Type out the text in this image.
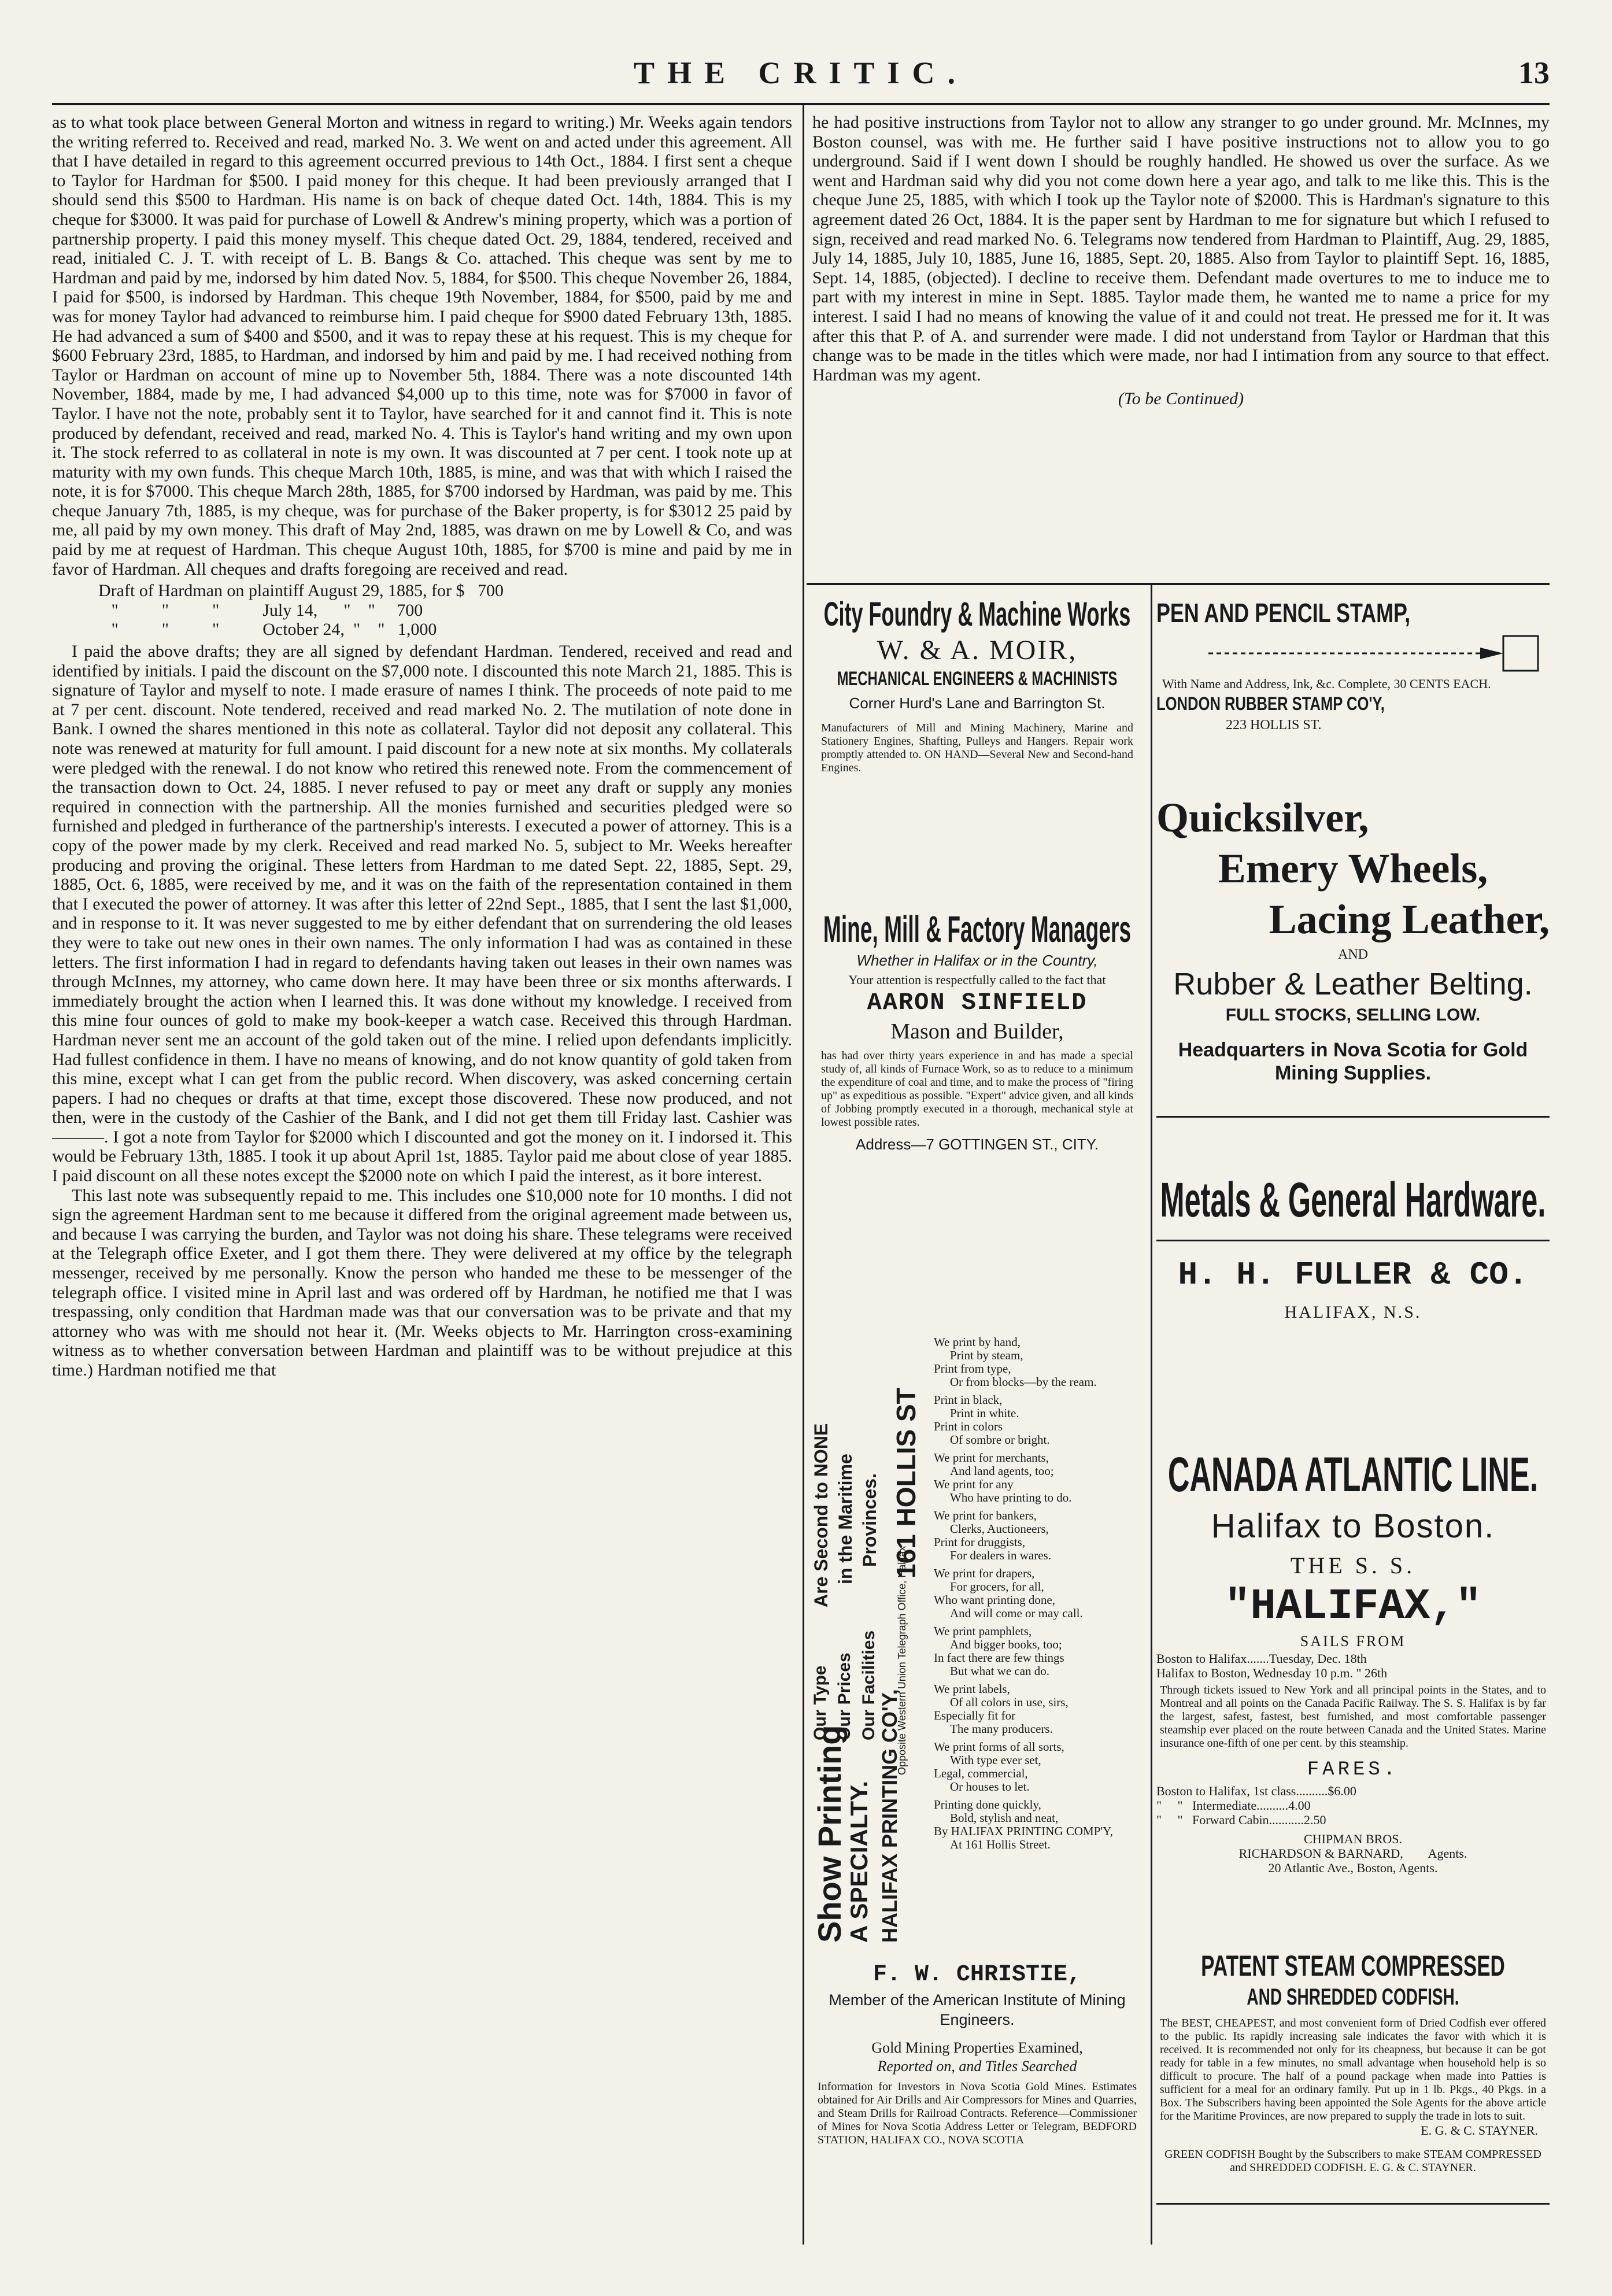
THE CRITIC.	13

as to what took place between General Morton and witness in regard to writing.) Mr. Weeks again tendors the writing referred to. Received and read, marked No. 3. We went on and acted under this agreement. All that I have detailed in regard to this agreement occurred previous to 14th Oct., 1884. I first sent a cheque to Taylor for Hardman for $500. I paid money for this cheque. It had been previously arranged that I should send this $500 to Hardman. His name is on back of cheque dated Oct. 14th, 1884. This is my cheque for $3000. It was paid for purchase of Lowell & Andrew's mining property, which was a portion of partnership property. I paid this money myself. This cheque dated Oct. 29, 1884, tendered, received and read, initialed C. J. T. with receipt of L. B. Bangs & Co. attached. This cheque was sent by me to Hardman and paid by me, indorsed by him dated Nov. 5, 1884, for $500. This cheque November 26, 1884, I paid for $500, is indorsed by Hardman. This cheque 19th November, 1884, for $500, paid by me and was for money Taylor had advanced to reimburse him. I paid cheque for $900 dated February 13th, 1885. He had advanced a sum of $400 and $500, and it was to repay these at his request. This is my cheque for $600 February 23rd, 1885, to Hardman, and indorsed by him and paid by me. I had received nothing from Taylor or Hardman on account of mine up to November 5th, 1884. There was a note discounted 14th November, 1884, made by me, I had advanced $4,000 up to this time, note was for $7000 in favor of Taylor. I have not the note, probably sent it to Taylor, have searched for it and cannot find it. This is note produced by defendant, received and read, marked No. 4. This is Taylor's hand writing and my own upon it. The stock referred to as collateral in note is my own. It was discounted at 7 per cent. I took note up at maturity with my own funds. This cheque March 10th, 1885, is mine, and was that with which I raised the note, it is for $7000. This cheque March 28th, 1885, for $700 indorsed by Hardman, was paid by me. This cheque January 7th, 1885, is my cheque, was for purchase of the Baker property, is for $3012 25 paid by me, all paid by my own money. This draft of May 2nd, 1885, was drawn on me by Lowell & Co, and was paid by me at request of Hardman. This cheque August 10th, 1885, for $700 is mine and paid by me in favor of Hardman. All cheques and drafts foregoing are received and read.

Draft of Hardman on plaintiff August 29, 1885, for $   700
"          "          "          July 14,      "    "     700
"          "          "          October 24,  "    "   1,000

I paid the above drafts; they are all signed by defendant Hardman. Tendered, received and read and identified by initials. I paid the discount on the $7,000 note. I discounted this note March 21, 1885. This is signature of Taylor and myself to note. I made erasure of names I think. The proceeds of note paid to me at 7 per cent. discount. Note tendered, received and read marked No. 2. The mutilation of note done in Bank. I owned the shares mentioned in this note as collateral. Taylor did not deposit any collateral. This note was renewed at maturity for full amount. I paid discount for a new note at six months. My collaterals were pledged with the renewal. I do not know who retired this renewed note. From the commencement of the transaction down to Oct. 24, 1885. I never refused to pay or meet any draft or supply any monies required in connection with the partnership. All the monies furnished and securities pledged were so furnished and pledged in furtherance of the partnership's interests. I executed a power of attorney. This is a copy of the power made by my clerk. Received and read marked No. 5, subject to Mr. Weeks hereafter producing and proving the original. These letters from Hardman to me dated Sept. 22, 1885, Sept. 29, 1885, Oct. 6, 1885, were received by me, and it was on the faith of the representation contained in them that I executed the power of attorney. It was after this letter of 22nd Sept., 1885, that I sent the last $1,000, and in response to it. It was never suggested to me by either defendant that on surrendering the old leases they were to take out new ones in their own names. The only information I had was as contained in these letters. The first information I had in regard to defendants having taken out leases in their own names was through McInnes, my attorney, who came down here. It may have been three or six months afterwards. I immediately brought the action when I learned this. It was done without my knowledge. I received from this mine four ounces of gold to make my book-keeper a watch case. Received this through Hardman. Hardman never sent me an account of the gold taken out of the mine. I relied upon defendants implicitly. Had fullest confidence in them. I have no means of knowing, and do not know quantity of gold taken from this mine, except what I can get from the public record. When discovery, was asked concerning certain papers. I had no cheques or drafts at that time, except those discovered. These now produced, and not then, were in the custody of the Cashier of the Bank, and I did not get them till Friday last. Cashier was———. I got a note from Taylor for $2000 which I discounted and got the money on it. I indorsed it. This would be February 13th, 1885. I took it up about April 1st, 1885. Taylor paid me about close of year 1885. I paid discount on all these notes except the $2000 note on which I paid the interest, as it bore interest.

This last note was subsequently repaid to me. This includes one $10,000 note for 10 months. I did not sign the agreement Hardman sent to me because it differed from the original agreement made between us, and because I was carrying the burden, and Taylor was not doing his share. These telegrams were received at the Telegraph office Exeter, and I got them there. They were delivered at my office by the telegraph messenger, received by me personally. Know the person who handed me these to be messenger of the telegraph office. I visited mine in April last and was ordered off by Hardman, he notified me that I was trespassing, only condition that Hardman made was that our conversation was to be private and that my attorney who was with me should not hear it. (Mr. Weeks objects to Mr. Harrington cross-examining witness as to whether conversation between Hardman and plaintiff was to be without prejudice at this time.) Hardman notified me that

he had positive instructions from Taylor not to allow any stranger to go under ground. Mr. McInnes, my Boston counsel, was with me. He further said I have positive instructions not to allow you to go underground. Said if I went down I should be roughly handled. He showed us over the surface. As we went and Hardman said why did you not come down here a year ago, and talk to me like this. This is the cheque June 25, 1885, with which I took up the Taylor note of $2000. This is Hardman's signature to this agreement dated 26 Oct, 1884. It is the paper sent by Hardman to me for signature but which I refused to sign, received and read marked No. 6. Telegrams now tendered from Hardman to Plaintiff, Aug. 29, 1885, July 14, 1885, July 10, 1885, June 16, 1885, Sept. 20, 1885. Also from Taylor to plaintiff Sept. 16, 1885, Sept. 14, 1885, (objected). I decline to receive them. Defendant made overtures to me to induce me to part with my interest in mine in Sept. 1885. Taylor made them, he wanted me to name a price for my interest. I said I had no means of knowing the value of it and could not treat. He pressed me for it. It was after this that P. of A. and surrender were made. I did not understand from Taylor or Hardman that this change was to be made in the titles which were made, nor had I intimation from any source to that effect. Hardman was my agent.

(To be Continued)
City Foundry & Machine Works
W. & A. MOIR,
MECHANICAL ENGINEERS & MACHINISTS
Corner Hurd's Lane and Barrington St.
Manufacturers of Mill and Mining Machinery, Marine and Stationery Engines, Shafting, Pulleys and Hangers. Repair work promptly attended to. ON HAND—Several New and Second-hand Engines.
Mine, Mill & Factory Managers
Whether in Halifax or in the Country,
Your attention is respectfully called to the fact that
AARON SINFIELD
Mason and Builder,
has had over thirty years experience in and has made a special study of, all kinds of Furnace Work, so as to reduce to a minimum the expenditure of coal and time, and to make the process of "firing up" as expeditious as possible. "Expert" advice given, and all kinds of Jobbing promptly executed in a thorough, mechanical style at lowest possible rates.
Address—7 GOTTINGEN ST., CITY.
Show Printing
A SPECIALTY. HALIFAX PRINTING CO'Y,
Are Second to NONE in the Maritime Provinces. 161 HOLLIS ST
Our Type Our Prices Our Facilities Opposite Western Union Telegraph Office, Halifax
We print by hand,
Print by steam,
Print from type,
Or from blocks—by the ream.
Print in black,
Print in white.
Print in colors
Of sombre or bright.
We print for merchants,
And land agents, too;
We print for any
Who have printing to do.
We print for bankers,
Clerks, Auctioneers,
Print for druggists,
For dealers in wares.
We print for drapers,
For grocers, for all,
Who want printing done,
And will come or may call.
We print pamphlets,
And bigger books, too;
In fact there are few things
But what we can do.
We print labels,
Of all colors in use, sirs,
Especially fit for
The many producers.
We print forms of all sorts,
With type ever set,
Legal, commercial,
Or houses to let.
Printing done quickly,
Bold, stylish and neat,
By HALIFAX PRINTING COMP'Y,
At 161 Hollis Street.
F. W. CHRISTIE,
Member of the American Institute of Mining Engineers.
Gold Mining Properties Examined,
Reported on, and Titles Searched
Information for Investors in Nova Scotia Gold Mines. Estimates obtained for Air Drills and Air Compressors for Mines and Quarries, and Steam Drills for Railroad Contracts. Reference—Commissioner of Mines for Nova Scotia Address Letter or Telegram, BEDFORD STATION, HALIFAX CO., NOVA SCOTIA
PEN AND PENCIL STAMP,
With Name and Address, Ink, &c. Complete, 30 CENTS EACH.
LONDON RUBBER STAMP CO'Y,
223 HOLLIS ST.
Quicksilver,
Emery Wheels,
Lacing Leather,
AND
Rubber & Leather Belting.
FULL STOCKS, SELLING LOW.
Headquarters in Nova Scotia for Gold Mining Supplies.
Metals & General Hardware.
H. H. FULLER & CO.
HALIFAX, N.S.
CANADA ATLANTIC LINE.
Halifax to Boston.
THE S. S.
"HALIFAX,"
SAILS FROM
Boston to Halifax.......Tuesday, Dec. 18th
Halifax to Boston, Wednesday 10 p.m. " 26th
Through tickets issued to New York and all principal points in the States, and to Montreal and all points on the Canada Pacific Railway. The S. S. Halifax is by far the largest, safest, fastest, best furnished, and most comfortable passenger steamship ever placed on the route between Canada and the United States. Marine insurance one-fifth of one per cent. by this steamship.
FARES.
Boston to Halifax, 1st class..........$6.00
"     "   Intermediate..........4.00
"     "   Forward Cabin...........2.50
CHIPMAN BROS.
RICHARDSON & BARNARD,        Agents.
20 Atlantic Ave., Boston, Agents.
PATENT STEAM COMPRESSED
AND SHREDDED CODFISH.
The BEST, CHEAPEST, and most convenient form of Dried Codfish ever offered to the public. Its rapidly increasing sale indicates the favor with which it is received. It is recommended not only for its cheapness, but because it can be got ready for table in a few minutes, no small advantage when household help is so difficult to procure. The half of a pound package when made into Patties is sufficient for a meal for an ordinary family. Put up in 1 lb. Pkgs., 40 Pkgs. in a Box. The Subscribers having been appointed the Sole Agents for the above article for the Maritime Provinces, are now prepared to supply the trade in lots to suit.
E. G. & C. STAYNER.
GREEN CODFISH Bought by the Subscribers to make STEAM COMPRESSED and SHREDDED CODFISH. E. G. & C. STAYNER.
